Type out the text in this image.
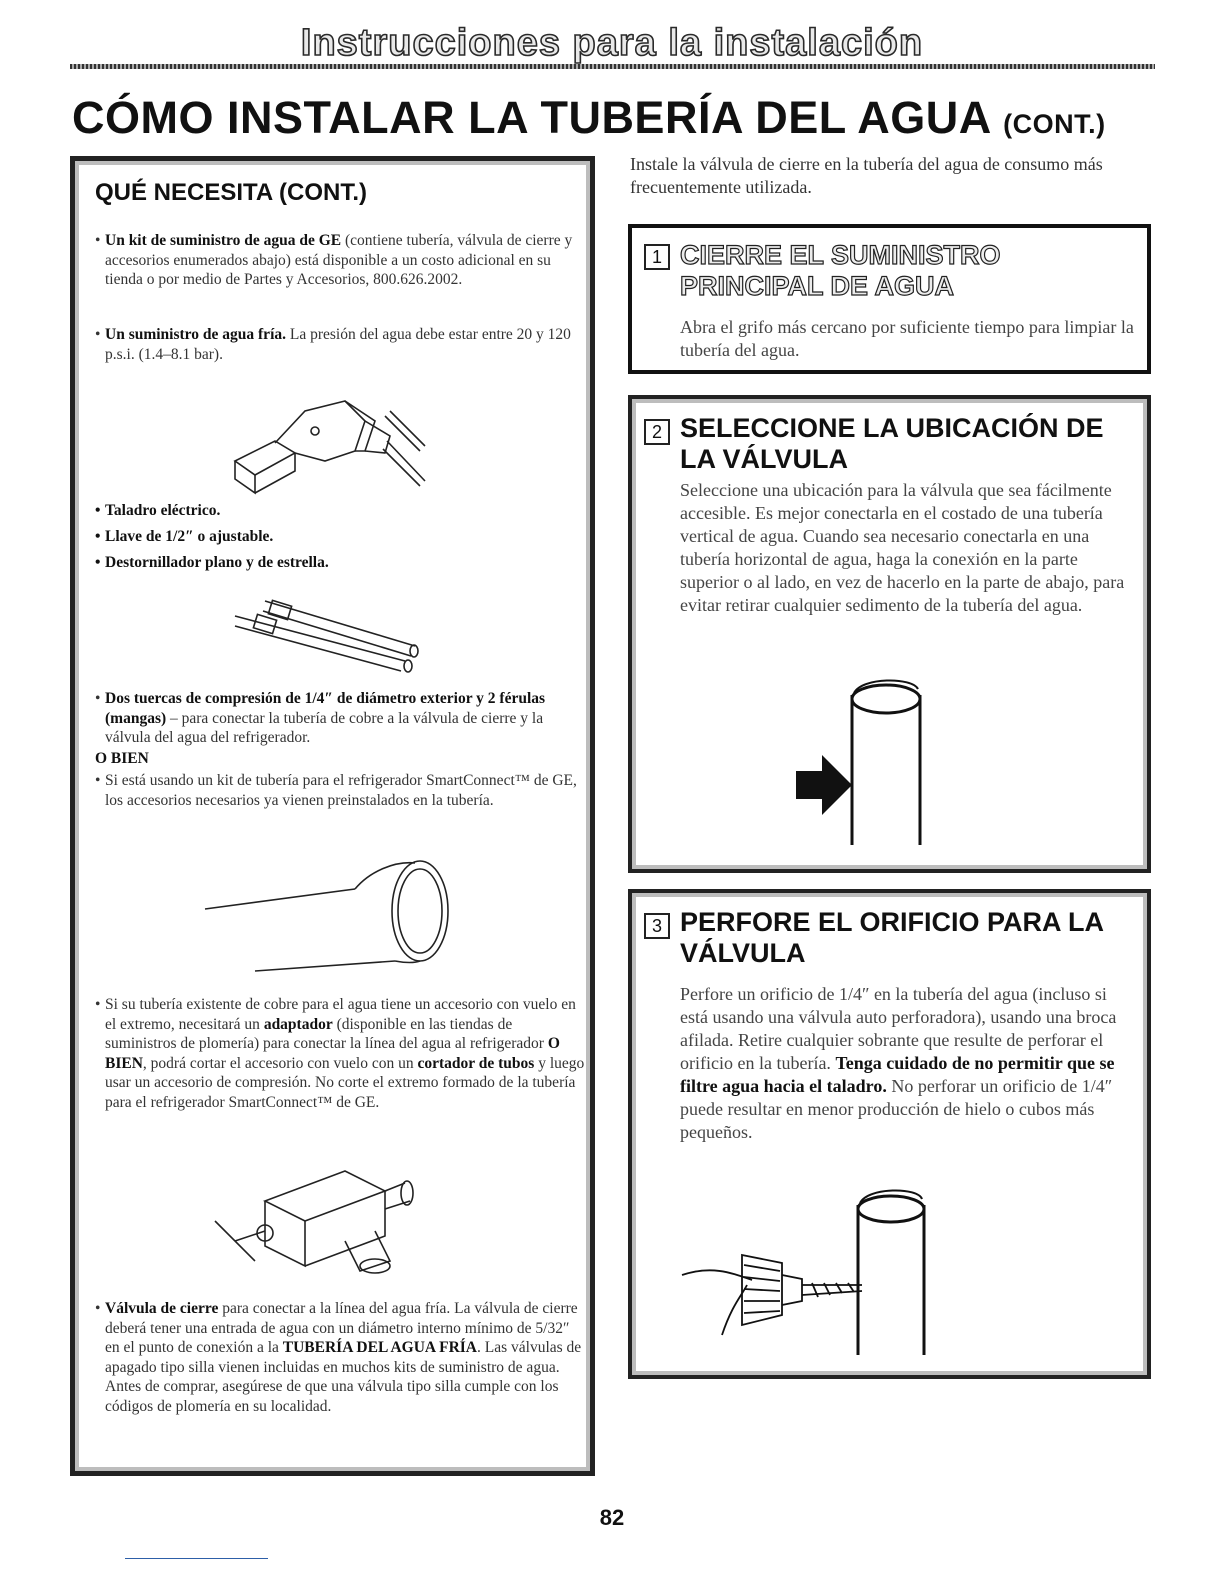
Instrucciones para la instalación
CÓMO INSTALAR LA TUBERÍA DEL AGUA (CONT.)
QUÉ NECESITA (CONT.)
• Un kit de suministro de agua de GE (contiene tubería, válvula de cierre y accesorios enumerados abajo) está disponible a un costo adicional en su tienda o por medio de Partes y Accesorios, 800.626.2002.
• Un suministro de agua fría. La presión del agua debe estar entre 20 y 120 p.s.i. (1.4–8.1 bar).
• Taladro eléctrico.
• Llave de 1/2″ o ajustable.
• Destornillador plano y de estrella.
• Dos tuercas de compresión de 1/4″ de diámetro exterior y 2 férulas (mangas) – para conectar la tubería de cobre a la válvula de cierre y la válvula del agua del refrigerador.
O BIEN
• Si está usando un kit de tubería para el refrigerador SmartConnect™ de GE, los accesorios necesarios ya vienen preinstalados en la tubería.
• Si su tubería existente de cobre para el agua tiene un accesorio con vuelo en el extremo, necesitará un adaptador (disponible en las tiendas de suministros de plomería) para conectar la línea del agua al refrigerador O BIEN, podrá cortar el accesorio con vuelo con un cortador de tubos y luego usar un accesorio de compresión. No corte el extremo formado de la tubería para el refrigerador SmartConnect™ de GE.
• Válvula de cierre para conectar a la línea del agua fría. La válvula de cierre deberá tener una entrada de agua con un diámetro interno mínimo de 5/32″ en el punto de conexión a la TUBERÍA DEL AGUA FRÍA. Las válvulas de apagado tipo silla vienen incluidas en muchos kits de suministro de agua. Antes de comprar, asegúrese de que una válvula tipo silla cumple con los códigos de plomería en su localidad.
Instale la válvula de cierre en la tubería del agua de consumo más frecuentemente utilizada.
1 CIERRE EL SUMINISTRO PRINCIPAL DE AGUA
Abra el grifo más cercano por suficiente tiempo para limpiar la tubería del agua.
2 SELECCIONE LA UBICACIÓN DE LA VÁLVULA
Seleccione una ubicación para la válvula que sea fácilmente accesible. Es mejor conectarla en el costado de una tubería vertical de agua. Cuando sea necesario conectarla en una tubería horizontal de agua, haga la conexión en la parte superior o al lado, en vez de hacerlo en la parte de abajo, para evitar retirar cualquier sedimento de la tubería del agua.
3 PERFORE EL ORIFICIO PARA LA VÁLVULA
Perfore un orificio de 1/4″ en la tubería del agua (incluso si está usando una válvula auto perforadora), usando una broca afilada. Retire cualquier sobrante que resulte de perforar el orificio en la tubería. Tenga cuidado de no permitir que se filtre agua hacia el taladro. No perforar un orificio de 1/4″ puede resultar en menor producción de hielo o cubos más pequeños.
82
